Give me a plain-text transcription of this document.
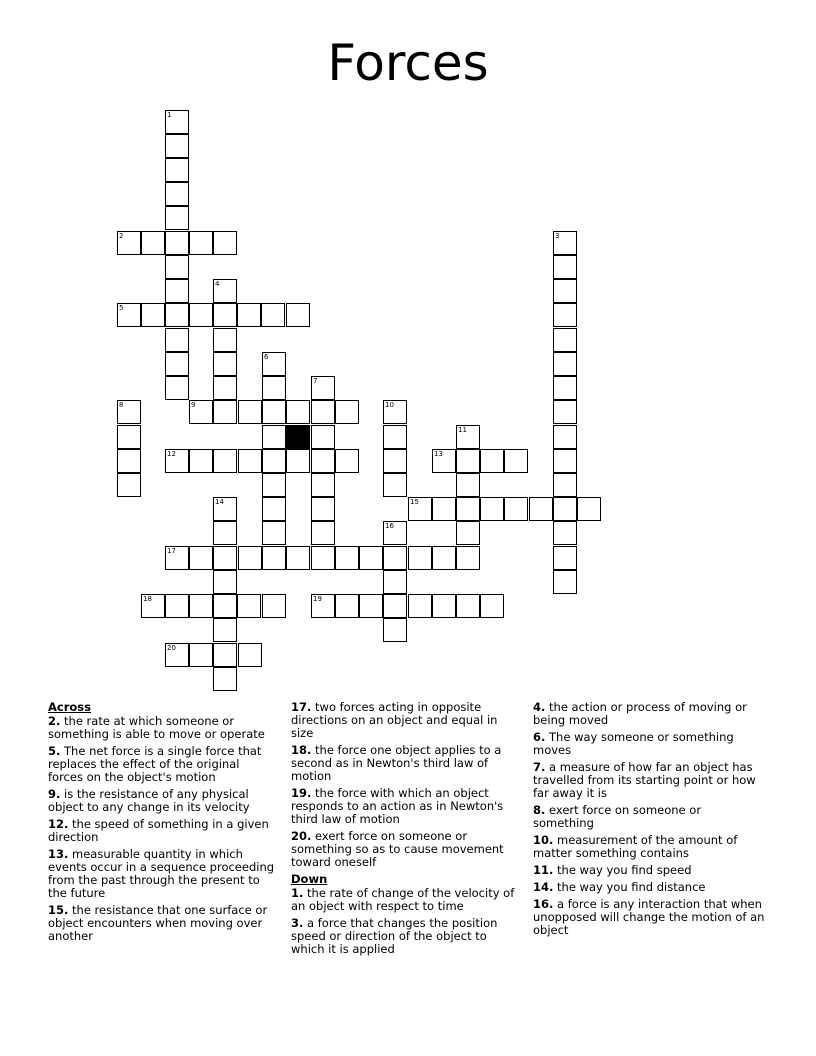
Forces
1
2	3
4
5
6
7
8	9	10
11
12	13
14	15
16
17
18	19
20
Across
2. the rate at which someone or something is able to move or operate
5. The net force is a single force that replaces the effect of the original forces on the object's motion
9. is the resistance of any physical object to any change in its velocity
12. the speed of something in a given direction
13. measurable quantity in which events occur in a sequence proceeding from the past through the present to the future
15. the resistance that one surface or object encounters when moving over another
17. two forces acting in opposite directions on an object and equal in size
18. the force one object applies to a second as in Newton's third law of motion
19. the force with which an object responds to an action as in Newton's third law of motion
20. exert force on someone or something so as to cause movement toward oneself
Down
1. the rate of change of the velocity of an object with respect to time
3. a force that changes the position speed or direction of the object to which it is applied
4. the action or process of moving or being moved
6. The way someone or something moves
7. a measure of how far an object has travelled from its starting point or how far away it is
8. exert force on someone or something
10. measurement of the amount of matter something contains
11. the way you find speed
14. the way you find distance
16. a force is any interaction that when unopposed will change the motion of an object
